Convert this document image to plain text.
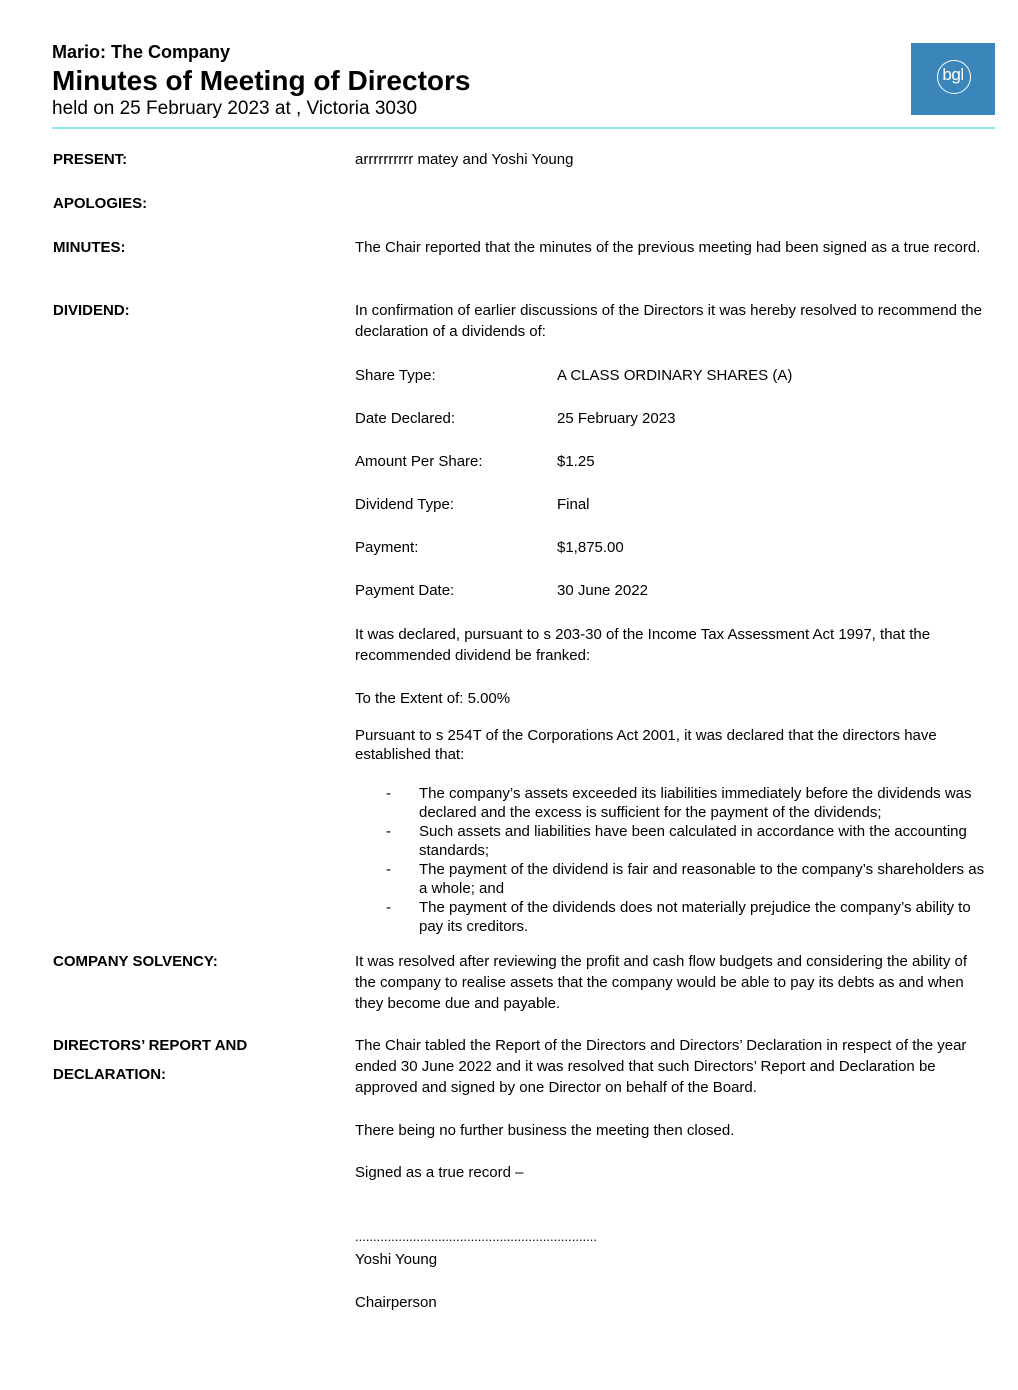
Mario: The Company
Minutes of Meeting of Directors
held on 25 February 2023 at , Victoria 3030
bgl
PRESENT:	arrrrrrrrrr matey and Yoshi Young
APOLOGIES:
MINUTES:	The Chair reported that the minutes of the previous meeting had been signed as a true record.
DIVIDEND:	In confirmation of earlier discussions of the Directors it was hereby resolved to recommend the declaration of a dividends of:
Share Type:	A CLASS ORDINARY SHARES (A)
Date Declared:	25 February 2023
Amount Per Share:	$1.25
Dividend Type:	Final
Payment:	$1,875.00
Payment Date:	30 June 2022
It was declared, pursuant to s 203-30 of the Income Tax Assessment Act 1997, that the recommended dividend be franked:
To the Extent of: 5.00%
Pursuant to s 254T of the Corporations Act 2001, it was declared that the directors have established that:
- The company’s assets exceeded its liabilities immediately before the dividends was declared and the excess is sufficient for the payment of the dividends;
- Such assets and liabilities have been calculated in accordance with the accounting standards;
- The payment of the dividend is fair and reasonable to the company’s shareholders as a whole; and
- The payment of the dividends does not materially prejudice the company’s ability to pay its creditors.
COMPANY SOLVENCY:	It was resolved after reviewing the profit and cash flow budgets and considering the ability of the company to realise assets that the company would be able to pay its debts as and when they become due and payable.
DIRECTORS’ REPORT AND
DECLARATION:
The Chair tabled the Report of the Directors and Directors’ Declaration in respect of the year ended 30 June 2022 and it was resolved that such Directors’ Report and Declaration be approved and signed by one Director on behalf of the Board.
There being no further business the meeting then closed.
Signed as a true record –
...................................................................
Yoshi Young
Chairperson
